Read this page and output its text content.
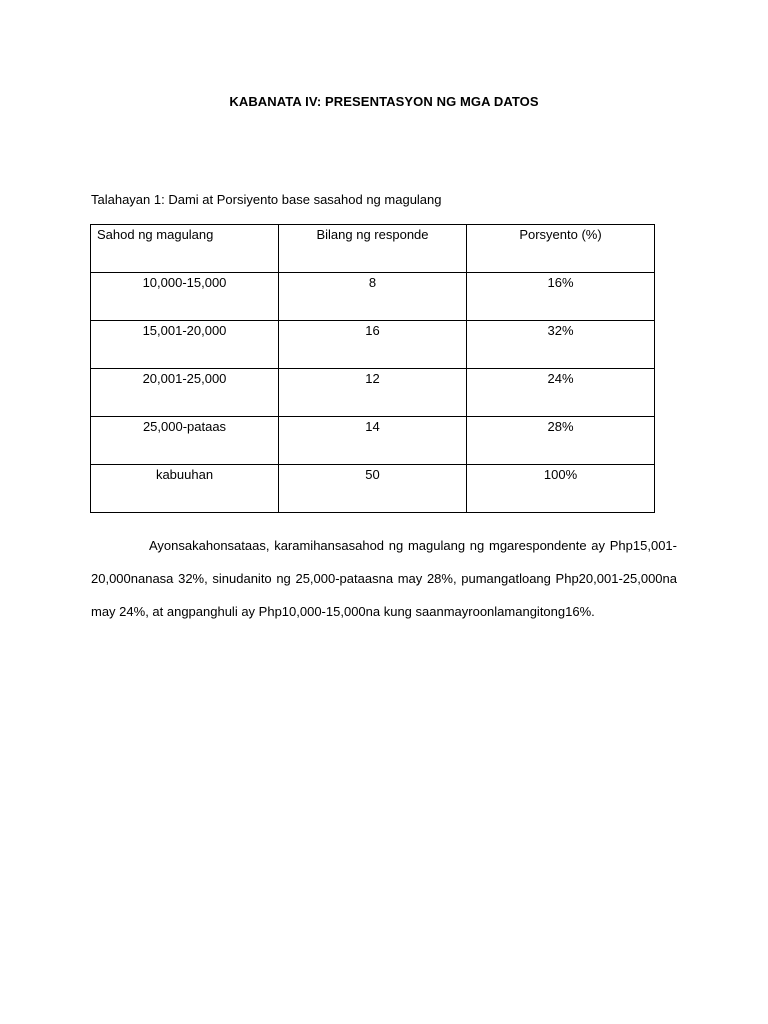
KABANATA IV: PRESENTASYON NG MGA DATOS
Talahayan 1: Dami at Porsiyento base sasahod ng magulang
Sahod ng magulang	Bilang ng responde	Porsyento (%)
10,000-15,000	8	16%
15,001-20,000	16	32%
20,001-25,000	12	24%
25,000-pataas	14	28%
kabuuhan	50	100%

Ayonsakahonsataas, karamihansasahod ng magulang ng mgarespondente ay Php15,001-20,000nanasa 32%, sinudanito ng 25,000-pataasna may 28%, pumangatloang Php20,001-25,000na may 24%, at angpanghuli ay Php10,000-15,000na kung saanmayroonlamangitong16%.
